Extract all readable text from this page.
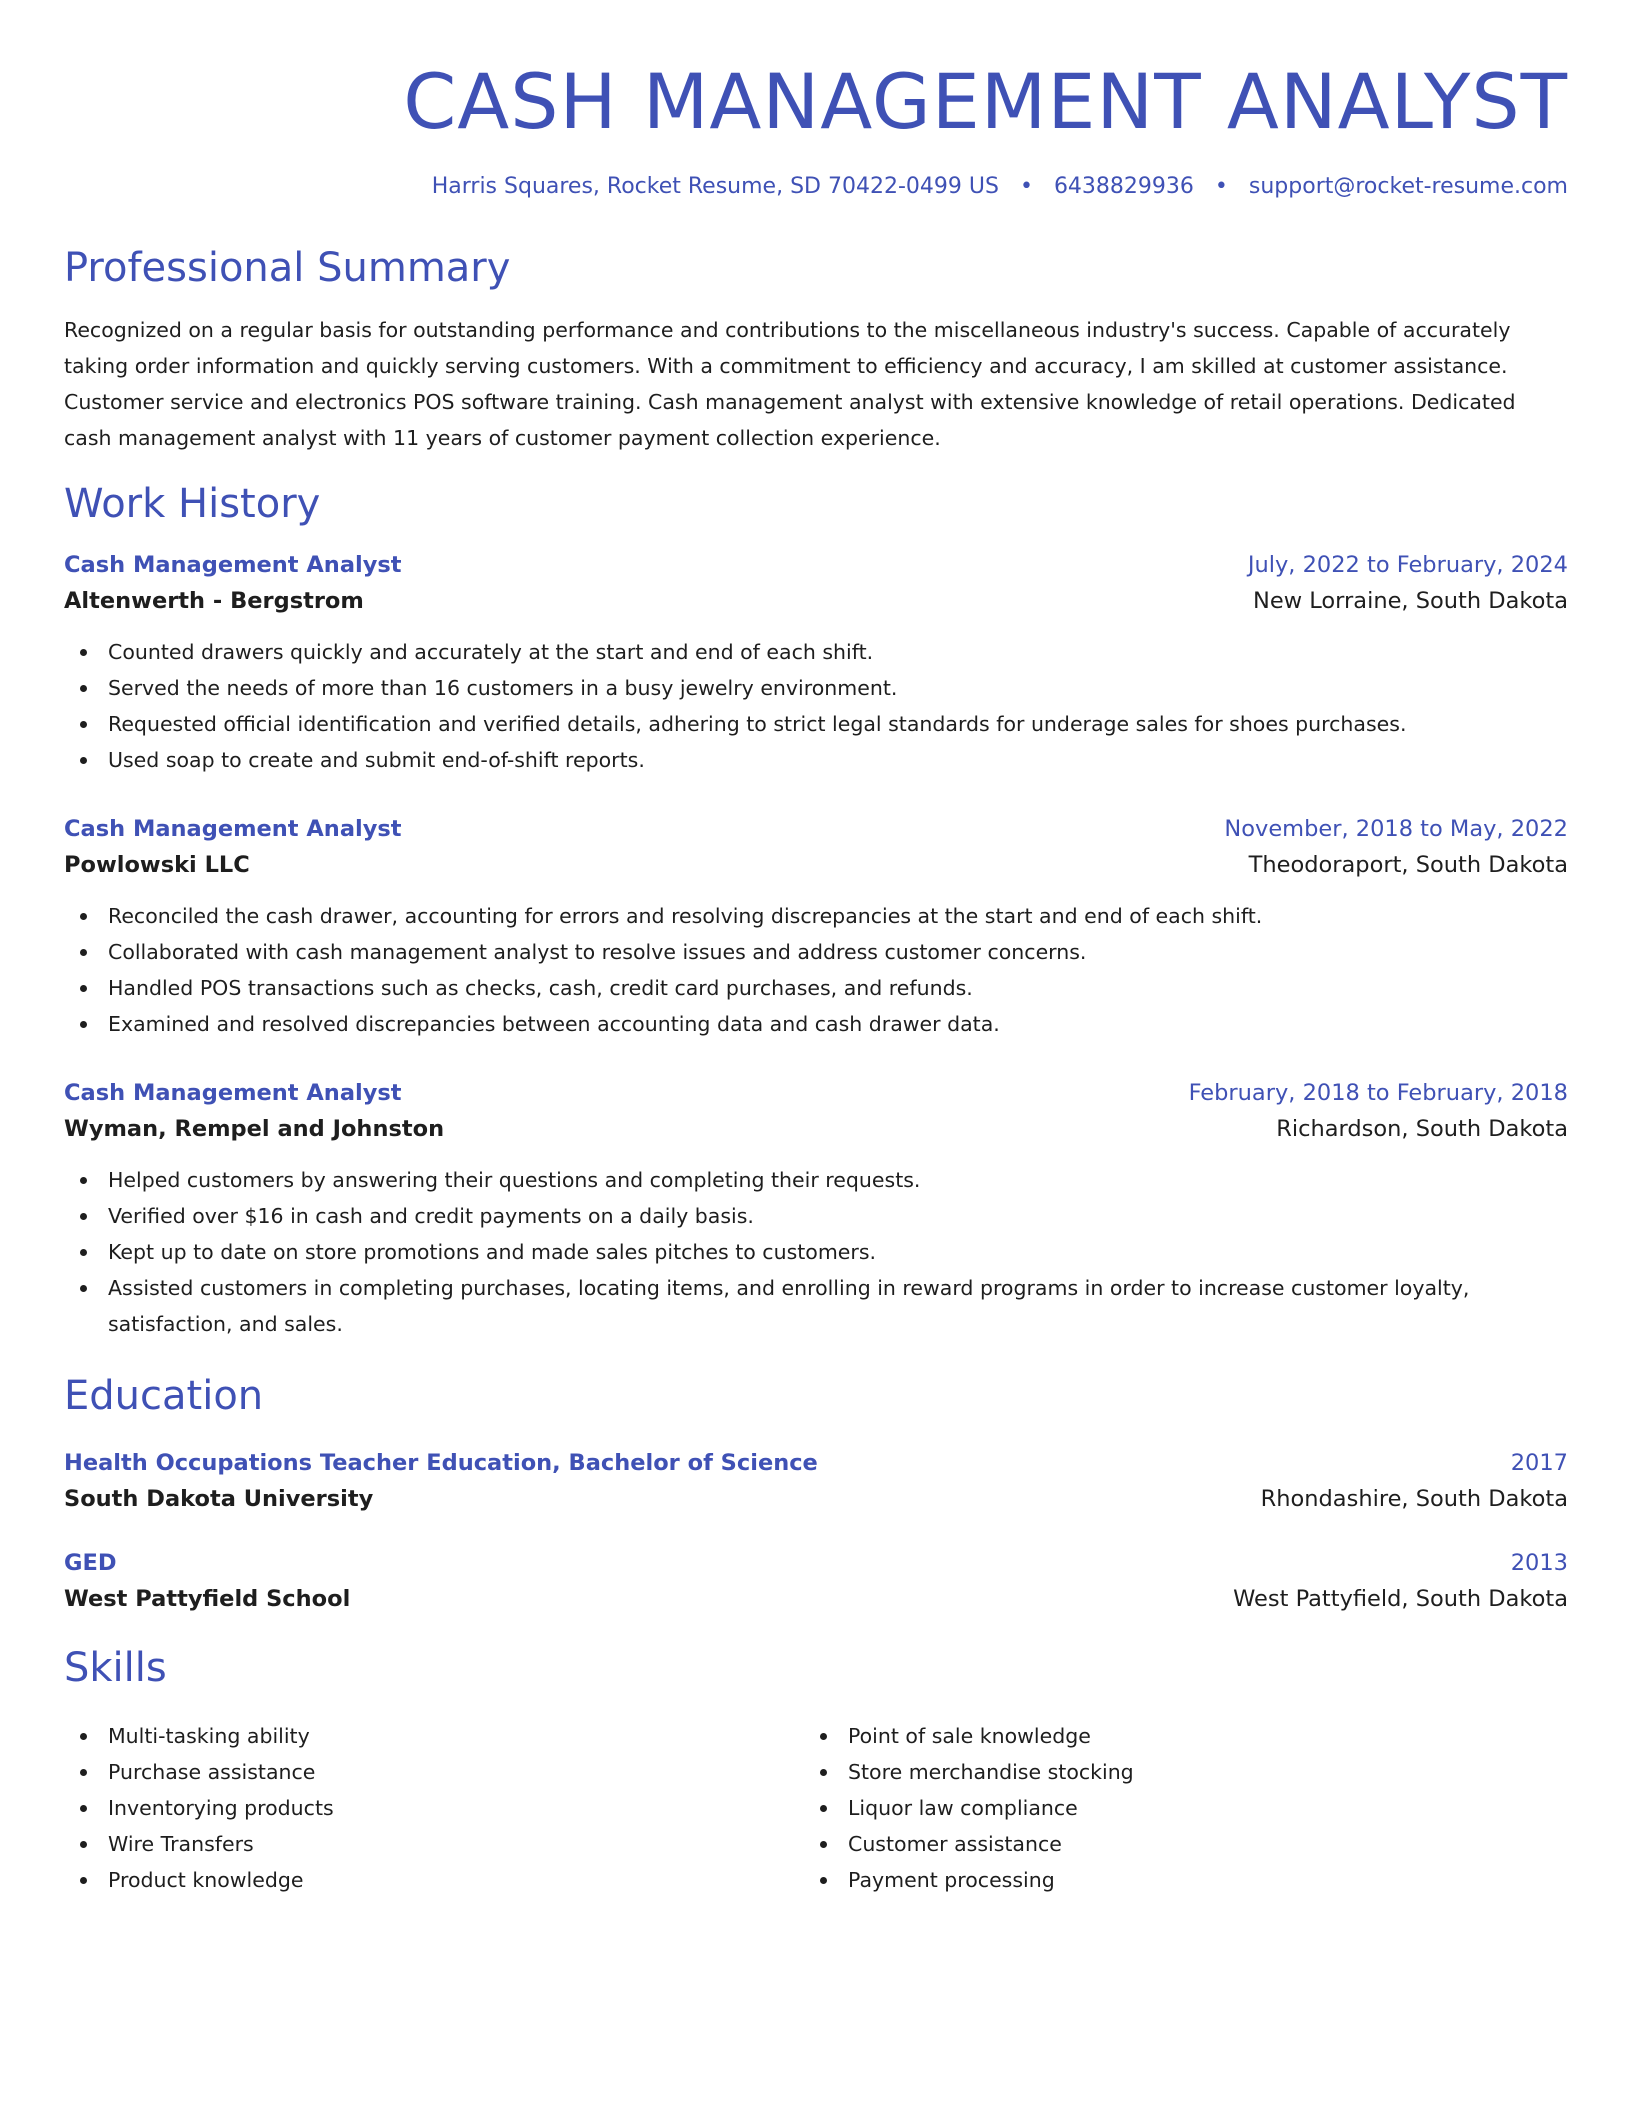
CASH MANAGEMENT ANALYST
Harris Squares, Rocket Resume, SD 70422-0499 US • 6438829936 • support@rocket-resume.com
Professional Summary

Recognized on a regular basis for outstanding performance and contributions to the miscellaneous industry's success. Capable of accurately taking order information and quickly serving customers. With a commitment to efficiency and accuracy, I am skilled at customer assistance. Customer service and electronics POS software training. Cash management analyst with extensive knowledge of retail operations. Dedicated cash management analyst with 11 years of customer payment collection experience.

Work History
Cash Management Analyst	July, 2022 to February, 2024
Altenwerth - Bergstrom	New Lorraine, South Dakota
Counted drawers quickly and accurately at the start and end of each shift.
Served the needs of more than 16 customers in a busy jewelry environment.
Requested official identification and verified details, adhering to strict legal standards for underage sales for shoes purchases.
Used soap to create and submit end-of-shift reports.
Cash Management Analyst	November, 2018 to May, 2022
Powlowski LLC	Theodoraport, South Dakota
Reconciled the cash drawer, accounting for errors and resolving discrepancies at the start and end of each shift.
Collaborated with cash management analyst to resolve issues and address customer concerns.
Handled POS transactions such as checks, cash, credit card purchases, and refunds.
Examined and resolved discrepancies between accounting data and cash drawer data.
Cash Management Analyst	February, 2018 to February, 2018
Wyman, Rempel and Johnston	Richardson, South Dakota
Helped customers by answering their questions and completing their requests.
Verified over $16 in cash and credit payments on a daily basis.
Kept up to date on store promotions and made sales pitches to customers.
Assisted customers in completing purchases, locating items, and enrolling in reward programs in order to increase customer loyalty, satisfaction, and sales.
Education
Health Occupations Teacher Education, Bachelor of Science	2017
South Dakota University	Rhondashire, South Dakota
GED	2013
West Pattyfield School	West Pattyfield, South Dakota
Skills
Multi-tasking ability
Purchase assistance
Inventorying products
Wire Transfers
Product knowledge
Point of sale knowledge
Store merchandise stocking
Liquor law compliance
Customer assistance
Payment processing
